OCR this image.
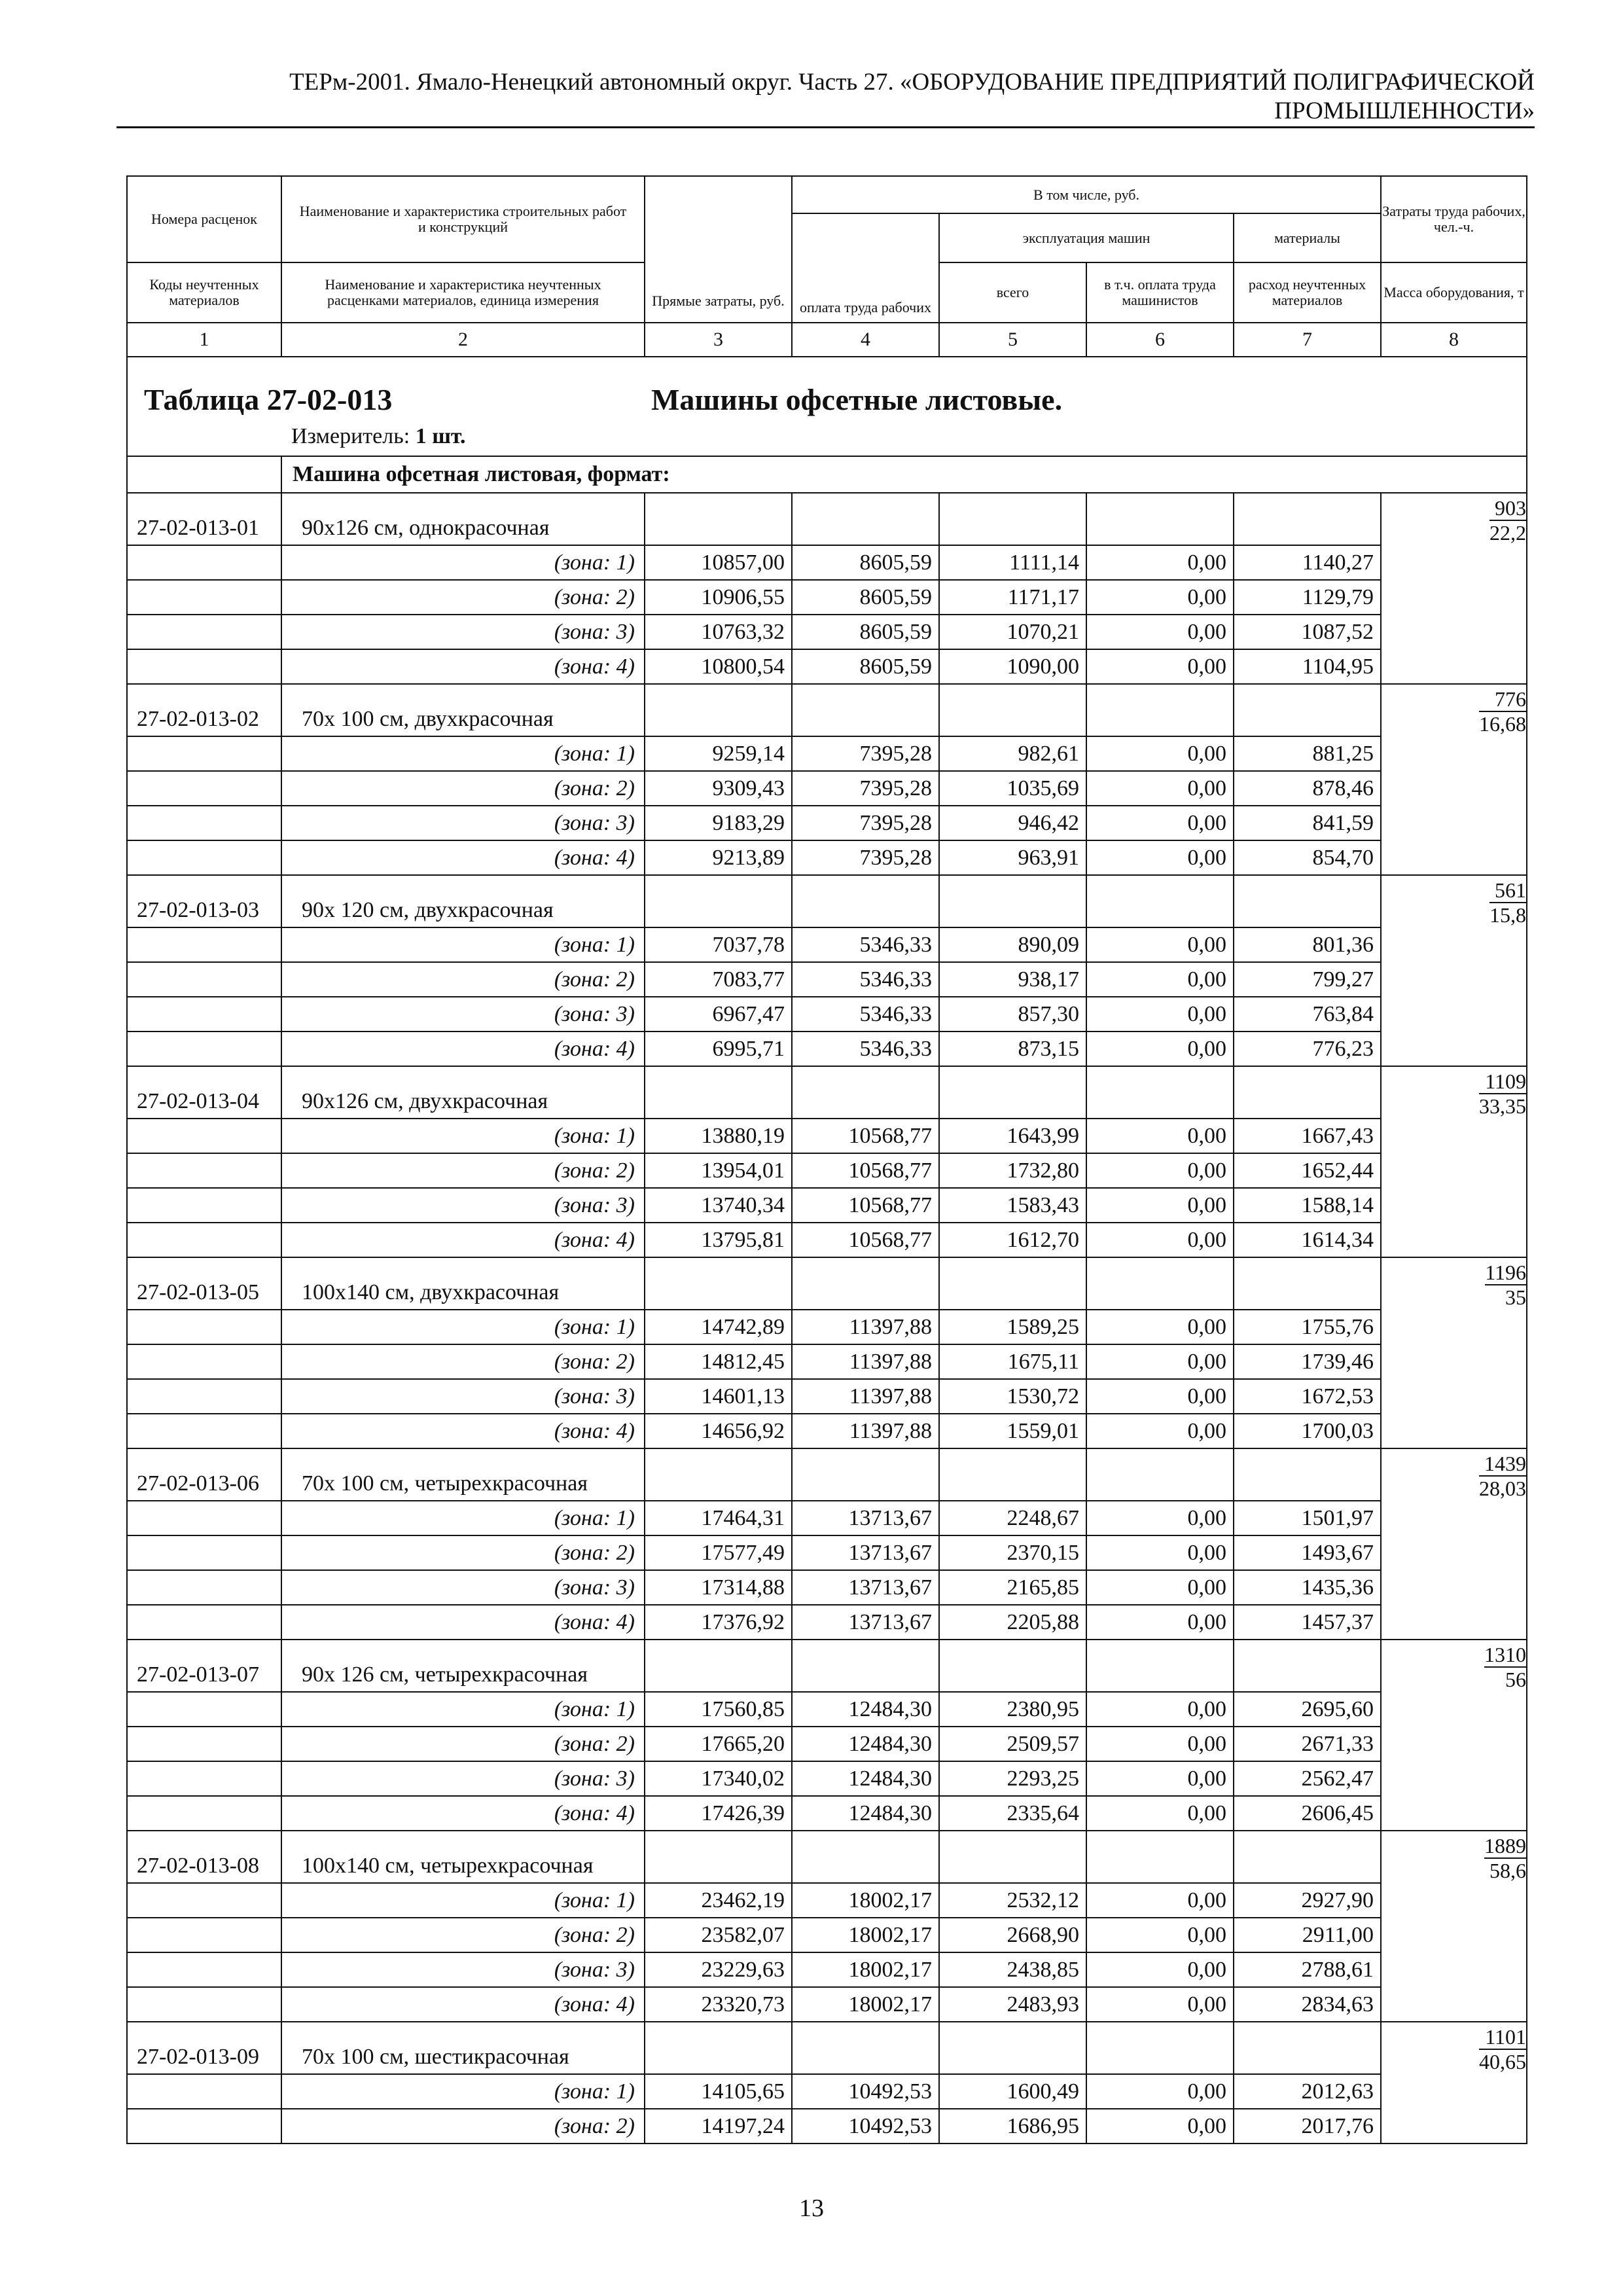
ТЕРм-2001. Ямало-Ненецкий автономный округ. Часть 27. «ОБОРУДОВАНИЕ ПРЕДПРИЯТИЙ ПОЛИГРАФИЧЕСКОЙ
ПРОМЫШЛЕННОСТИ»
Номера расценок	Наименование и характеристика строительных работ и конструкций	Прямые затраты, руб.	В том числе, руб.				Затраты труда рабочих, чел.-ч.
			оплата труда рабочих	эксплуатация машин		материалы	
Коды неучтенных материалов	Наименование и характеристика неучтенных расценками материалов, единица измерения			всего	в т.ч. оплата труда машинистов	расход неучтенных материалов	Масса оборудования, т
1	2	3	4	5	6	7	8

Таблица 27-02-013 Машины офсетные листовые.
Измеритель: 1 шт.							

	Машина офсетная листовая, формат:						
27-02-013-01	90х126 см, однокрасочная						$\frac{903}{22,2}$

	(зона: 1)	10857,00	8605,59	1111,14	0,00	1140,27	
	(зона: 2)	10906,55	8605,59	1171,17	0,00	1129,79	
	(зона: 3)	10763,32	8605,59	1070,21	0,00	1087,52	
	(зона: 4)	10800,54	8605,59	1090,00	0,00	1104,95	
27-02-013-02	70х 100 см, двухкрасочная						$\frac{776}{16,68}$

	(зона: 1)	9259,14	7395,28	982,61	0,00	881,25	
	(зона: 2)	9309,43	7395,28	1035,69	0,00	878,46	
	(зона: 3)	9183,29	7395,28	946,42	0,00	841,59	
	(зона: 4)	9213,89	7395,28	963,91	0,00	854,70	
27-02-013-03	90х 120 см, двухкрасочная						$\frac{561}{15,8}$

	(зона: 1)	7037,78	5346,33	890,09	0,00	801,36	
	(зона: 2)	7083,77	5346,33	938,17	0,00	799,27	
	(зона: 3)	6967,47	5346,33	857,30	0,00	763,84	
	(зона: 4)	6995,71	5346,33	873,15	0,00	776,23	
27-02-013-04	90х126 см, двухкрасочная						$\frac{1109}{33,35}$

	(зона: 1)	13880,19	10568,77	1643,99	0,00	1667,43	
	(зона: 2)	13954,01	10568,77	1732,80	0,00	1652,44	
	(зона: 3)	13740,34	10568,77	1583,43	0,00	1588,14	
	(зона: 4)	13795,81	10568,77	1612,70	0,00	1614,34	
27-02-013-05	100х140 см, двухкрасочная						$\frac{1196}{35}$

	(зона: 1)	14742,89	11397,88	1589,25	0,00	1755,76	
	(зона: 2)	14812,45	11397,88	1675,11	0,00	1739,46	
	(зона: 3)	14601,13	11397,88	1530,72	0,00	1672,53	
	(зона: 4)	14656,92	11397,88	1559,01	0,00	1700,03	
27-02-013-06	70х 100 см, четырехкрасочная						$\frac{1439}{28,03}$

	(зона: 1)	17464,31	13713,67	2248,67	0,00	1501,97	
	(зона: 2)	17577,49	13713,67	2370,15	0,00	1493,67	
	(зона: 3)	17314,88	13713,67	2165,85	0,00	1435,36	
	(зона: 4)	17376,92	13713,67	2205,88	0,00	1457,37	
27-02-013-07	90х 126 см, четырехкрасочная						$\frac{1310}{56}$

	(зона: 1)	17560,85	12484,30	2380,95	0,00	2695,60	
	(зона: 2)	17665,20	12484,30	2509,57	0,00	2671,33	
	(зона: 3)	17340,02	12484,30	2293,25	0,00	2562,47	
	(зона: 4)	17426,39	12484,30	2335,64	0,00	2606,45	
27-02-013-08	100х140 см, четырехкрасочная						$\frac{1889}{58,6}$

	(зона: 1)	23462,19	18002,17	2532,12	0,00	2927,90	
	(зона: 2)	23582,07	18002,17	2668,90	0,00	2911,00	
	(зона: 3)	23229,63	18002,17	2438,85	0,00	2788,61	
	(зона: 4)	23320,73	18002,17	2483,93	0,00	2834,63	
27-02-013-09	70х 100 см, шестикрасочная						$\frac{1101}{40,65}$

	(зона: 1)	14105,65	10492,53	1600,49	0,00	2012,63	
	(зона: 2)	14197,24	10492,53	1686,95	0,00	2017,76	
13
